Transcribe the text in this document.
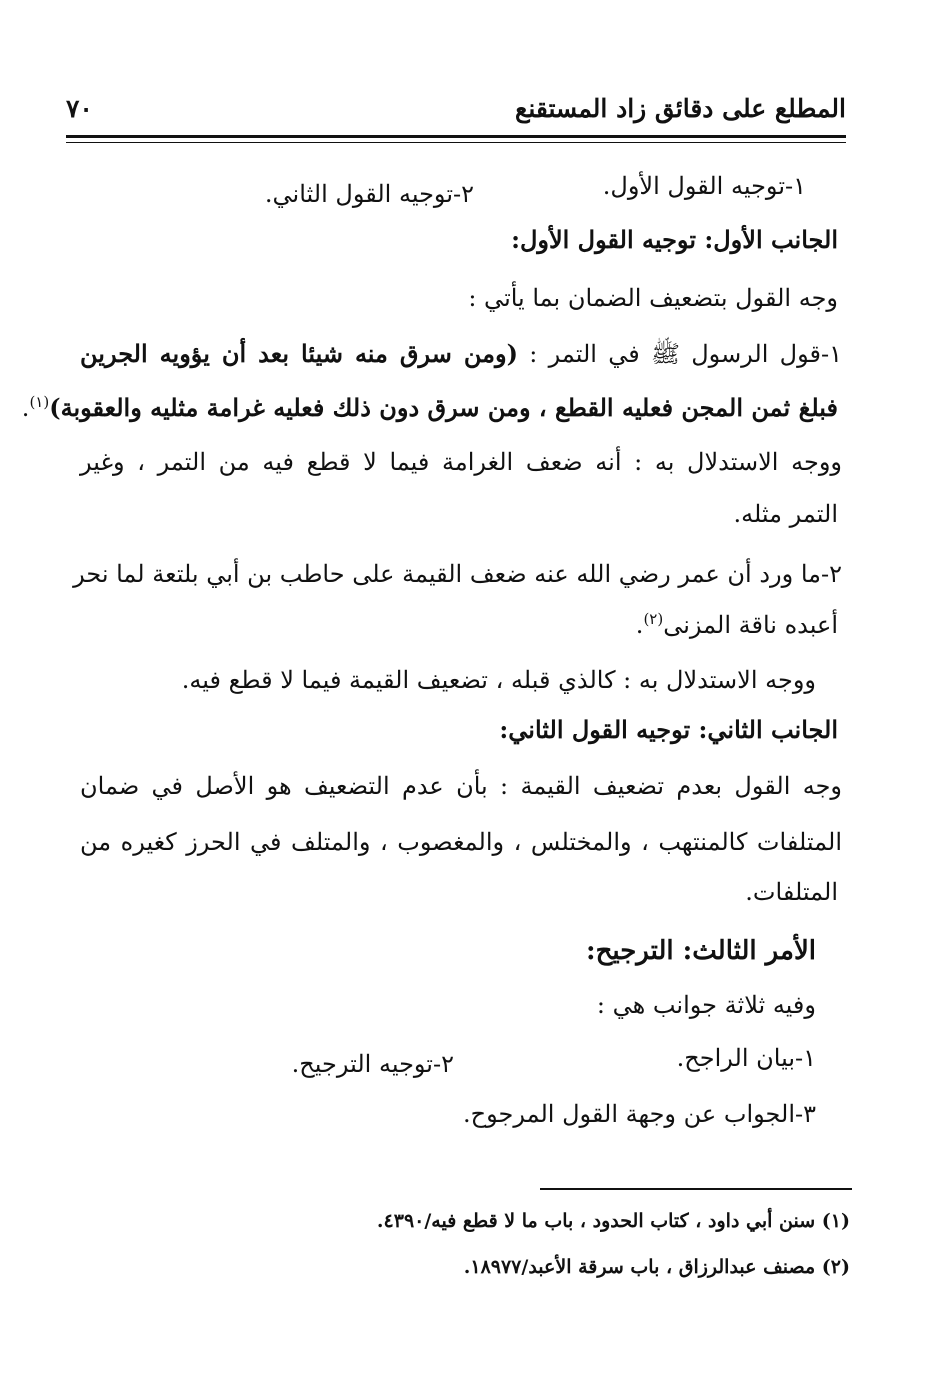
المطلع على دقائق زاد المستقنع
٧٠
١-توجيه القول الأول.
٢-توجيه القول الثاني.
الجانب الأول: توجيه القول الأول:
وجه القول بتضعيف الضمان بما يأتي :
١-قول الرسول ﷺ في التمر : (ومن سرق منه شيئا بعد أن يؤويه الجرين
فبلغ ثمن المجن فعليه القطع ، ومن سرق دون ذلك فعليه غرامة مثليه والعقوبة)$^{(١)}$.
ووجه الاستدلال به : أنه ضعف الغرامة فيما لا قطع فيه من التمر ، وغير
التمر مثله.
٢-ما ورد أن عمر رضي الله عنه ضعف القيمة على حاطب بن أبي بلتعة لما نحر
أعبده ناقة المزنى$^{(٢)}$.
ووجه الاستدلال به : كالذي قبله ، تضعيف القيمة فيما لا قطع فيه.
الجانب الثاني: توجيه القول الثاني:
وجه القول بعدم تضعيف القيمة : بأن عدم التضعيف هو الأصل في ضمان
المتلفات كالمنتهب ، والمختلس ، والمغصوب ، والمتلف في الحرز كغيره من
المتلفات.
الأمر الثالث: الترجيح:
وفيه ثلاثة جوانب هي :
١-بيان الراجح.
٢-توجيه الترجيح.
٣-الجواب عن وجهة القول المرجوح.
(١) سنن أبي داود ، كتاب الحدود ، باب ما لا قطع فيه/٤٣٩٠.
(٢) مصنف عبدالرزاق ، باب سرقة الأعبد/١٨٩٧٧.
